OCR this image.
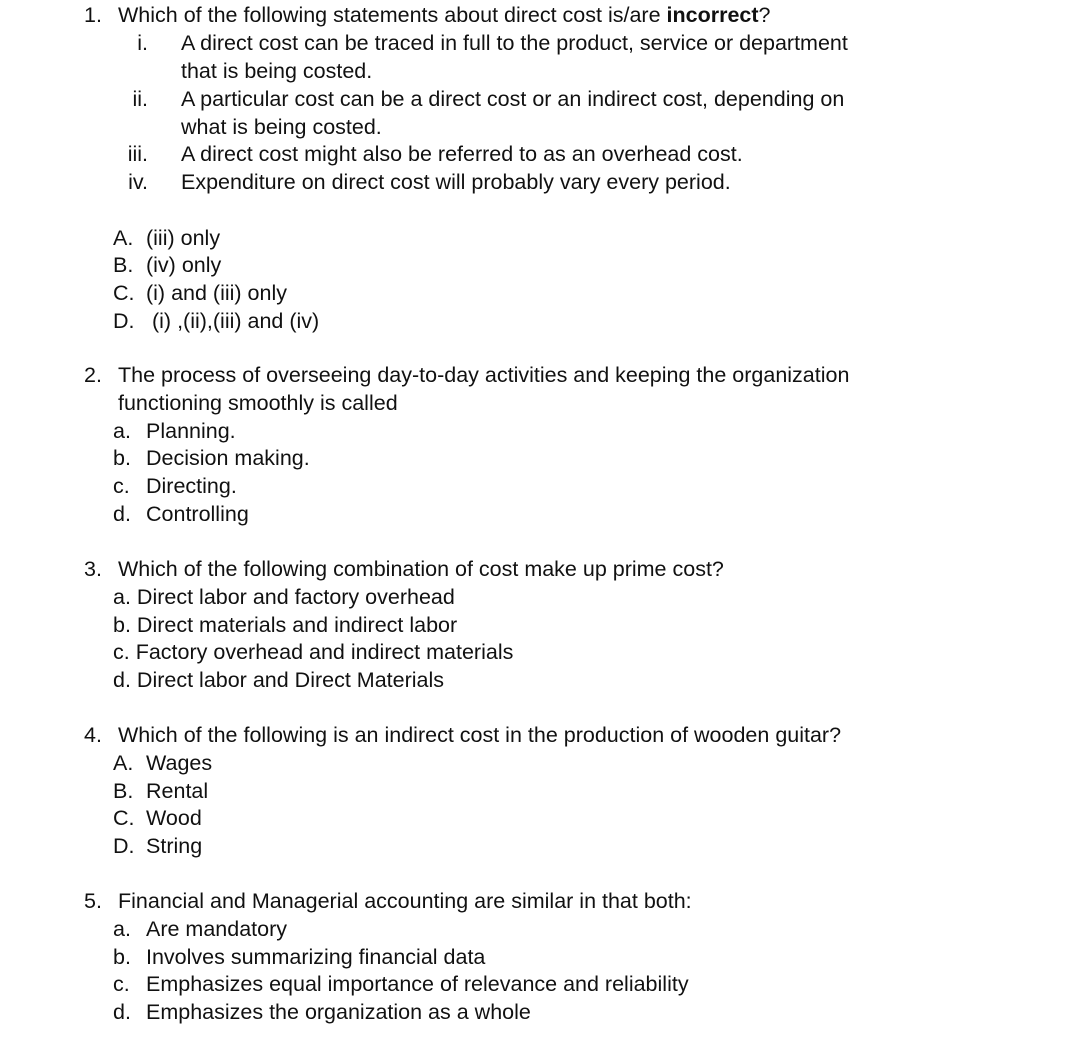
1. Which of the following statements about direct cost is/are incorrect?
i. A direct cost can be traced in full to the product, service or department that is being costed.
ii. A particular cost can be a direct cost or an indirect cost, depending on what is being costed.
iii. A direct cost might also be referred to as an overhead cost.
iv. Expenditure on direct cost will probably vary every period.
A. (iii) only
B. (iv) only
C. (i) and (iii) only
D. (i) ,(ii),(iii) and (iv)
2. The process of overseeing day-to-day activities and keeping the organization functioning smoothly is called
a. Planning.
b. Decision making.
c. Directing.
d. Controlling
3. Which of the following combination of cost make up prime cost?
a. Direct labor and factory overhead
b. Direct materials and indirect labor
c. Factory overhead and indirect materials
d. Direct labor and Direct Materials
4. Which of the following is an indirect cost in the production of wooden guitar?
A. Wages
B. Rental
C. Wood
D. String
5. Financial and Managerial accounting are similar in that both:
a. Are mandatory
b. Involves summarizing financial data
c. Emphasizes equal importance of relevance and reliability
d. Emphasizes the organization as a whole
